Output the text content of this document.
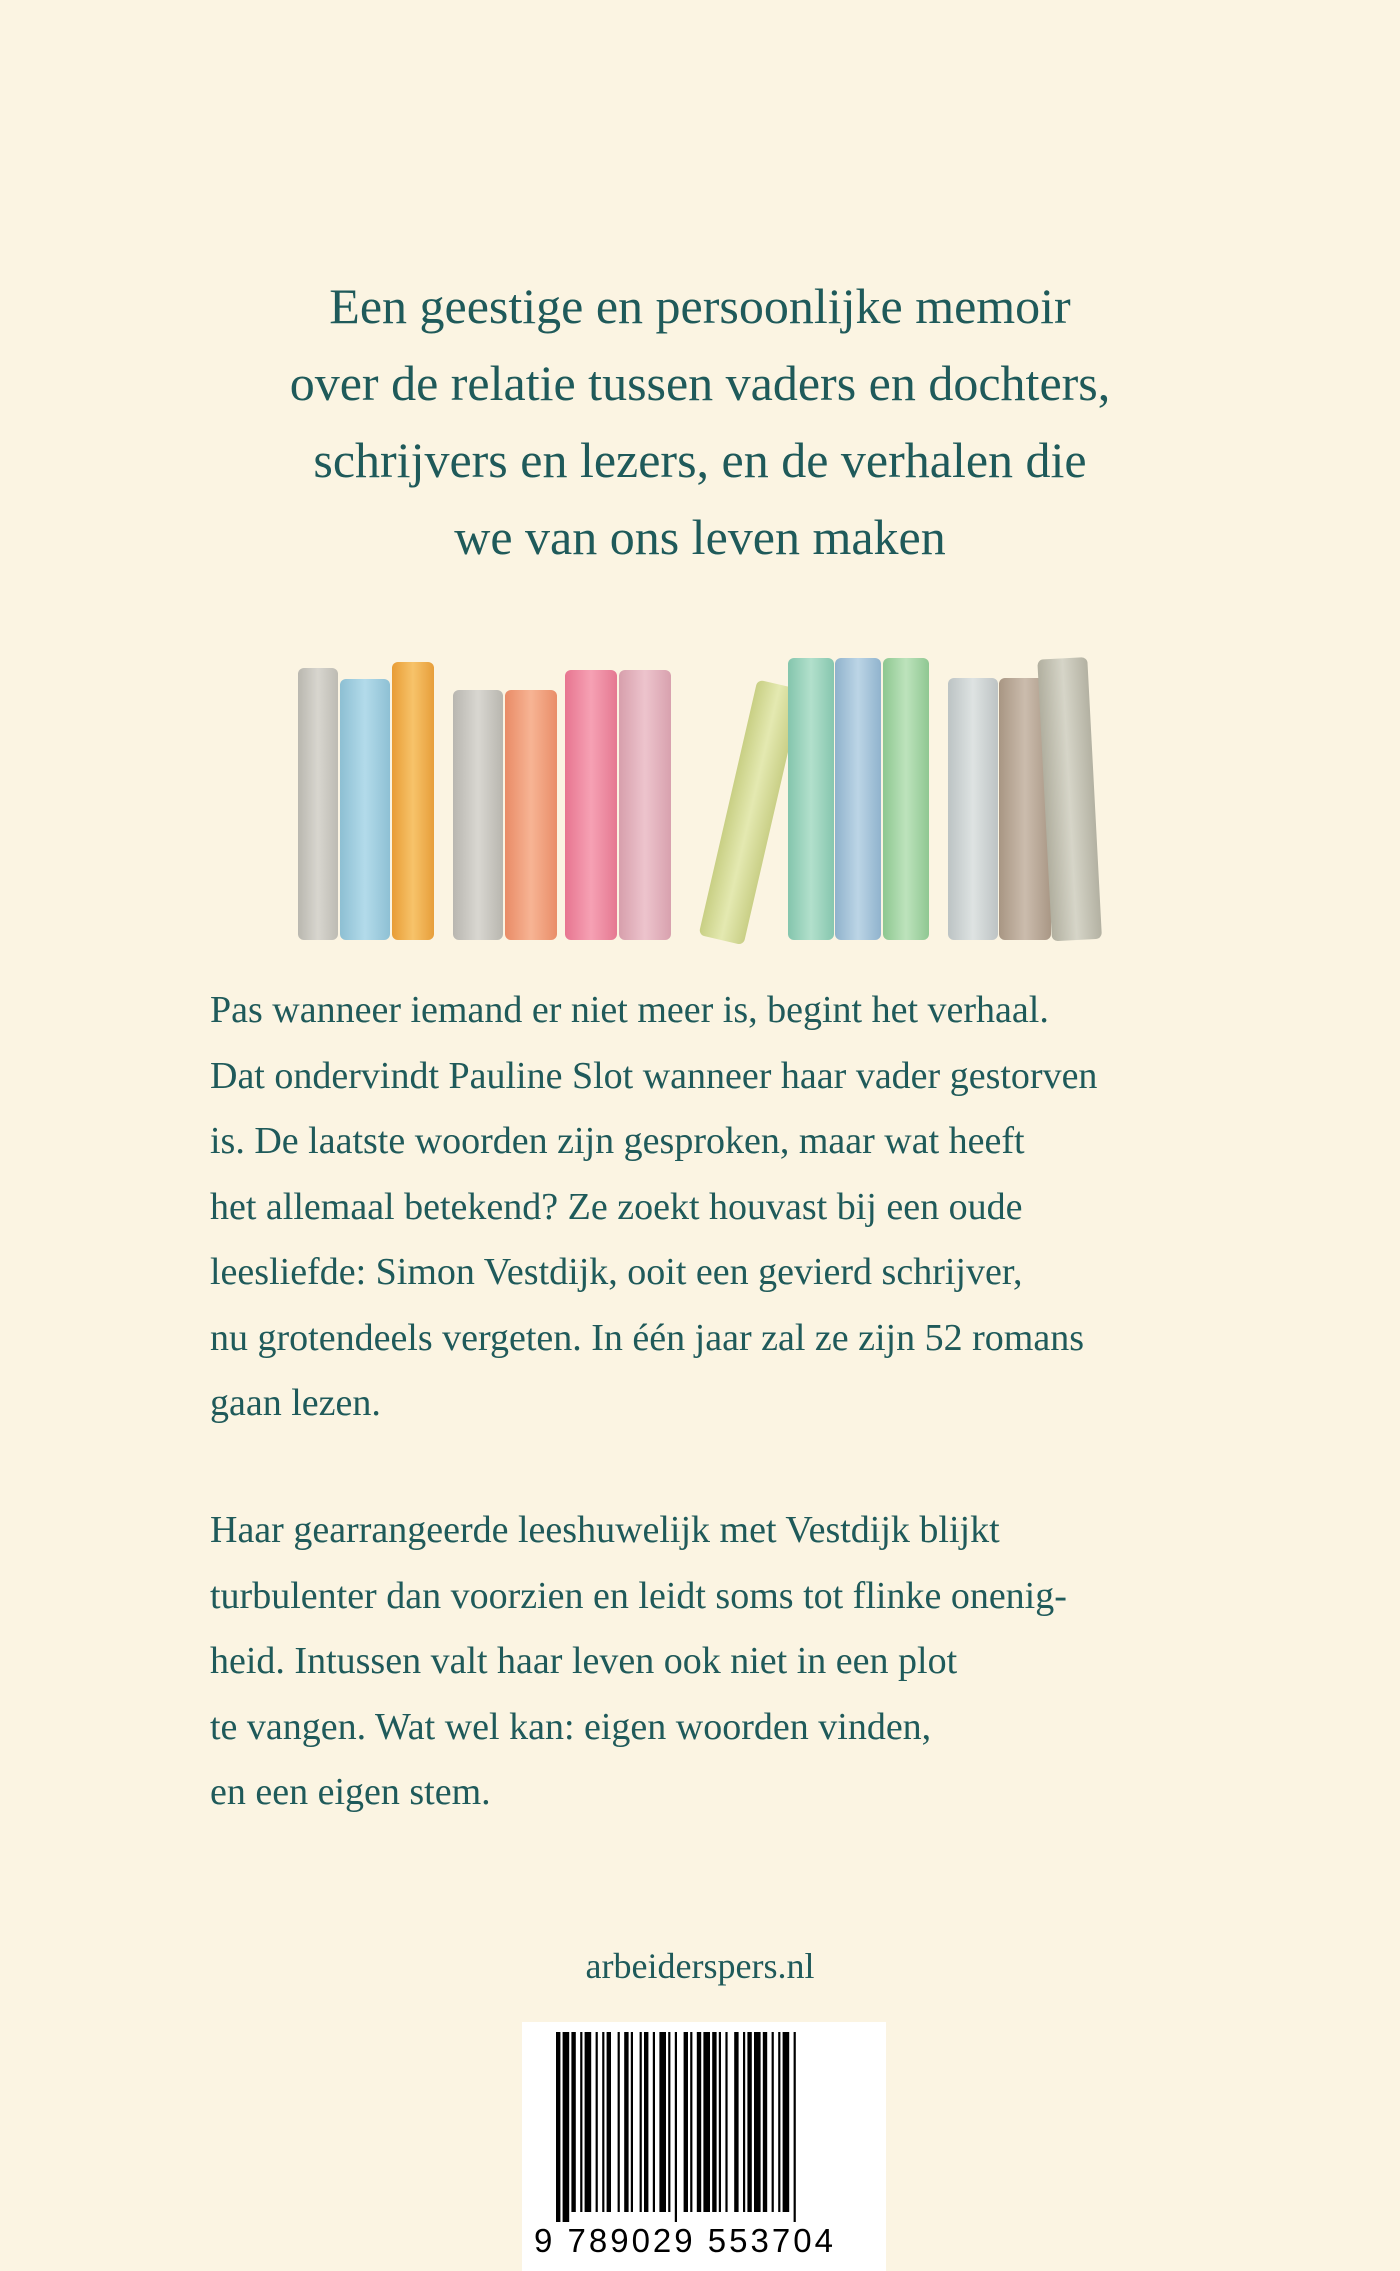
Een geestige en persoonlijke memoir
over de relatie tussen vaders en dochters,
schrijvers en lezers, en de verhalen die
we van ons leven maken
Pas wanneer iemand er niet meer is, begint het verhaal.
Dat ondervindt Pauline Slot wanneer haar vader gestorven
is. De laatste woorden zijn gesproken, maar wat heeft
het allemaal betekend? Ze zoekt houvast bij een oude
leesliefde: Simon Vestdijk, ooit een gevierd schrijver,
nu grotendeels vergeten. In één jaar zal ze zijn 52 romans
gaan lezen.
Haar gearrangeerde leeshuwelijk met Vestdijk blijkt
turbulenter dan voorzien en leidt soms tot flinke onenig-
heid. Intussen valt haar leven ook niet in een plot
te vangen. Wat wel kan: eigen woorden vinden,
en een eigen stem.
arbeiderspers.nl
9 789029 553704
